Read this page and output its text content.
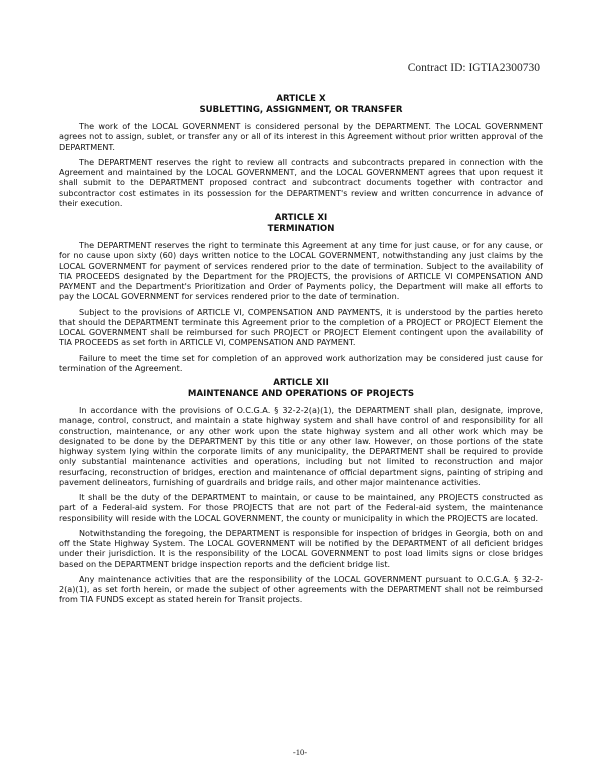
Contract ID: IGTIA2300730
ARTICLE X
SUBLETTING, ASSIGNMENT, OR TRANSFER

The work of the LOCAL GOVERNMENT is considered personal by the DEPARTMENT. The LOCAL GOVERNMENT agrees not to assign, sublet, or transfer any or all of its interest in this Agreement without prior written approval of the DEPARTMENT.

The DEPARTMENT reserves the right to review all contracts and subcontracts prepared in connection with the Agreement and maintained by the LOCAL GOVERNMENT, and the LOCAL GOVERNMENT agrees that upon request it shall submit to the DEPARTMENT proposed contract and subcontract documents together with contractor and subcontractor cost estimates in its possession for the DEPARTMENT's review and written concurrence in advance of their execution.

ARTICLE XI
TERMINATION

The DEPARTMENT reserves the right to terminate this Agreement at any time for just cause, or for any cause, or for no cause upon sixty (60) days written notice to the LOCAL GOVERNMENT, notwithstanding any just claims by the LOCAL GOVERNMENT for payment of services rendered prior to the date of termination. Subject to the availability of TIA PROCEEDS designated by the Department for the PROJECTS, the provisions of ARTICLE VI COMPENSATION AND PAYMENT and the Department's Prioritization and Order of Payments policy, the Department will make all efforts to pay the LOCAL GOVERNMENT for services rendered prior to the date of termination.

Subject to the provisions of ARTICLE VI, COMPENSATION AND PAYMENTS, it is understood by the parties hereto that should the DEPARTMENT terminate this Agreement prior to the completion of a PROJECT or PROJECT Element the LOCAL GOVERNMENT shall be reimbursed for such PROJECT or PROJECT Element contingent upon the availability of TIA PROCEEDS as set forth in ARTICLE VI, COMPENSATION AND PAYMENT.

Failure to meet the time set for completion of an approved work authorization may be considered just cause for termination of the Agreement.

ARTICLE XII
MAINTENANCE AND OPERATIONS OF PROJECTS

In accordance with the provisions of O.C.G.A. § 32-2-2(a)(1), the DEPARTMENT shall plan, designate, improve, manage, control, construct, and maintain a state highway system and shall have control of and responsibility for all construction, maintenance, or any other work upon the state highway system and all other work which may be designated to be done by the DEPARTMENT by this title or any other law. However, on those portions of the state highway system lying within the corporate limits of any municipality, the DEPARTMENT shall be required to provide only substantial maintenance activities and operations, including but not limited to reconstruction and major resurfacing, reconstruction of bridges, erection and maintenance of official department signs, painting of striping and pavement delineators, furnishing of guardrails and bridge rails, and other major maintenance activities.

It shall be the duty of the DEPARTMENT to maintain, or cause to be maintained, any PROJECTS constructed as part of a Federal-aid system. For those PROJECTS that are not part of the Federal-aid system, the maintenance responsibility will reside with the LOCAL GOVERNMENT, the county or municipality in which the PROJECTS are located.

Notwithstanding the foregoing, the DEPARTMENT is responsible for inspection of bridges in Georgia, both on and off the State Highway System. The LOCAL GOVERNMENT will be notified by the DEPARTMENT of all deficient bridges under their jurisdiction. It is the responsibility of the LOCAL GOVERNMENT to post load limits signs or close bridges based on the DEPARTMENT bridge inspection reports and the deficient bridge list.

Any maintenance activities that are the responsibility of the LOCAL GOVERNMENT pursuant to O.C.G.A. § 32-2-2(a)(1), as set forth herein, or made the subject of other agreements with the DEPARTMENT shall not be reimbursed from TIA FUNDS except as stated herein for Transit projects.

-10-
